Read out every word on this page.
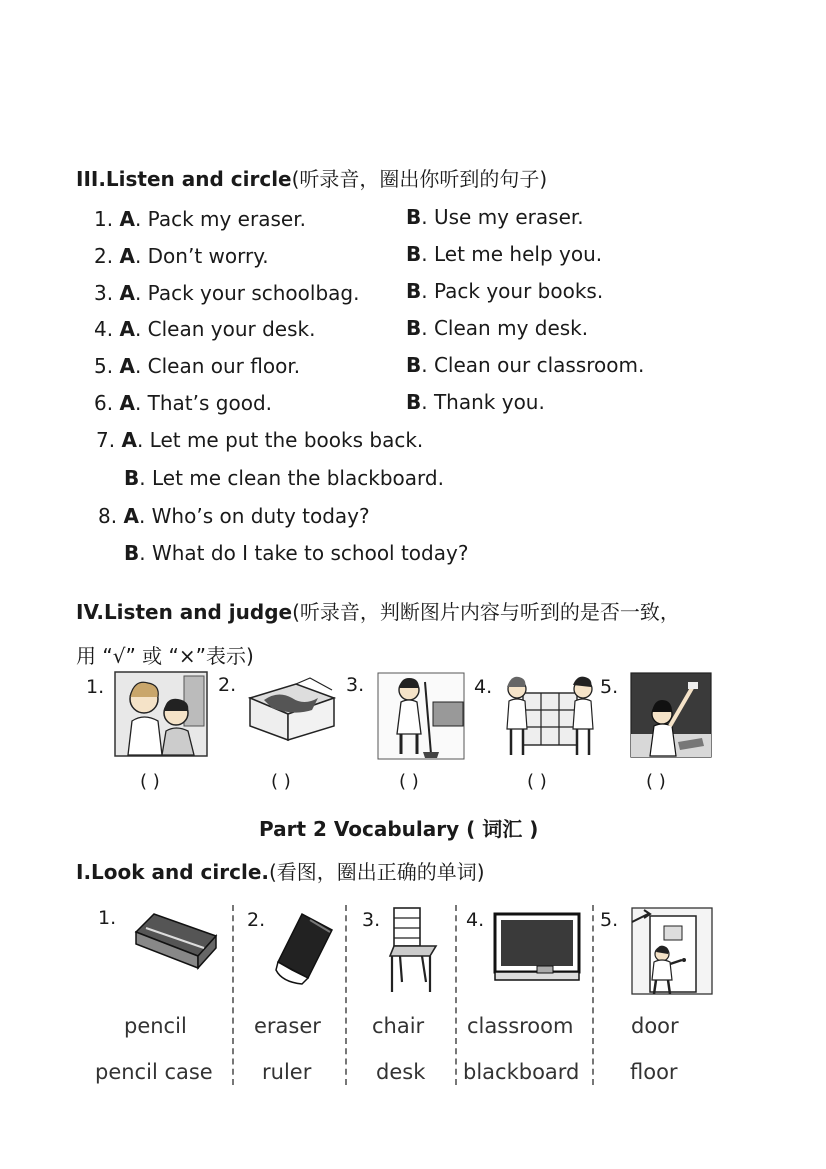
III.Listen and circle(听录音，圈出你听到的句子)
1. A. Pack my eraser.	B. Use my eraser.
2. A. Don’t worry.	B. Let me help you.
3. A. Pack your schoolbag. B. Pack your books.
4. A. Clean your desk.	B. Clean my desk.
5. A. Clean our floor.	B. Clean our classroom.
6. A. That’s good.	B. Thank you.
7. A. Let me put the books back.
B. Let me clean the blackboard.
8. A. Who’s on duty today?
B. What do I take to school today?
IV.Listen and judge(听录音，判断图片内容与听到的是否一致，
用 “√” 或 “×”表示)
1.
( )
2.
( )
3.
( )
4.
( )
5.
( )
Part 2 Vocabulary ( 词汇 )
I.Look and circle.(看图，圈出正确的单词)
1.
pencil
pencil case
2.
eraser
ruler
3.
chair
desk
4.
classroom
blackboard
5.
door
floor
